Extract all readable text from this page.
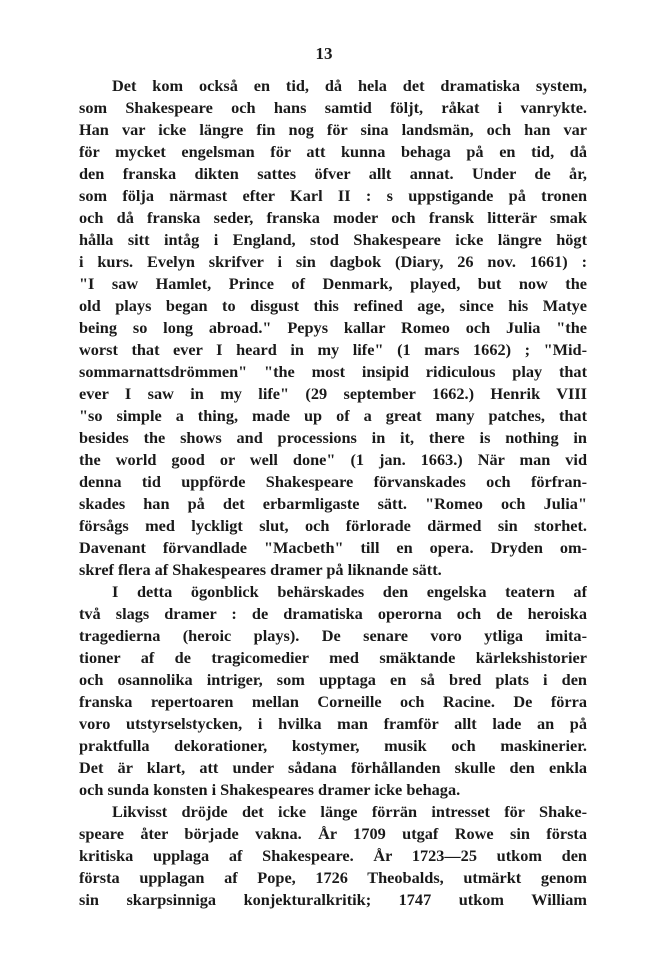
13
Det kom också en tid, då hela det dramatiska system,
som Shakespeare och hans samtid följt, råkat i vanrykte.
Han var icke längre fin nog för sina landsmän, och han var
för mycket engelsman för att kunna behaga på en tid, då
den franska dikten sattes öfver allt annat. Under de år,
som följa närmast efter Karl II : s uppstigande på tronen
och då franska seder, franska moder och fransk litterär smak
hålla sitt intåg i England, stod Shakespeare icke längre högt
i kurs. Evelyn skrifver i sin dagbok (Diary, 26 nov. 1661) :
"I saw Hamlet, Prince of Denmark, played, but now the
old plays began to disgust this refined age, since his Matye
being so long abroad." Pepys kallar Romeo och Julia "the
worst that ever I heard in my life" (1 mars 1662) ; "Mid-
sommarnattsdrömmen" "the most insipid ridiculous play that
ever I saw in my life" (29 september 1662.) Henrik VIII
"so simple a thing, made up of a great many patches, that
besides the shows and processions in it, there is nothing in
the world good or well done" (1 jan. 1663.) När man vid
denna tid uppförde Shakespeare förvanskades och förfran-
skades han på det erbarmligaste sätt. "Romeo och Julia"
försågs med lyckligt slut, och förlorade därmed sin storhet.
Davenant förvandlade "Macbeth" till en opera. Dryden om-
skref flera af Shakespeares dramer på liknande sätt.
I detta ögonblick behärskades den engelska teatern af
två slags dramer : de dramatiska operorna och de heroiska
tragedierna (heroic plays). De senare voro ytliga imita-
tioner af de tragicomedier med smäktande kärlekshistorier
och osannolika intriger, som upptaga en så bred plats i den
franska repertoaren mellan Corneille och Racine. De förra
voro utstyrselstycken, i hvilka man framför allt lade an på
praktfulla dekorationer, kostymer, musik och maskinerier.
Det är klart, att under sådana förhållanden skulle den enkla
och sunda konsten i Shakespeares dramer icke behaga.
Likvisst dröjde det icke länge förrän intresset för Shake-
speare åter började vakna. År 1709 utgaf Rowe sin första
kritiska upplaga af Shakespeare. År 1723—25 utkom den
första upplagan af Pope, 1726 Theobalds, utmärkt genom
sin skarpsinniga konjekturalkritik; 1747 utkom William
